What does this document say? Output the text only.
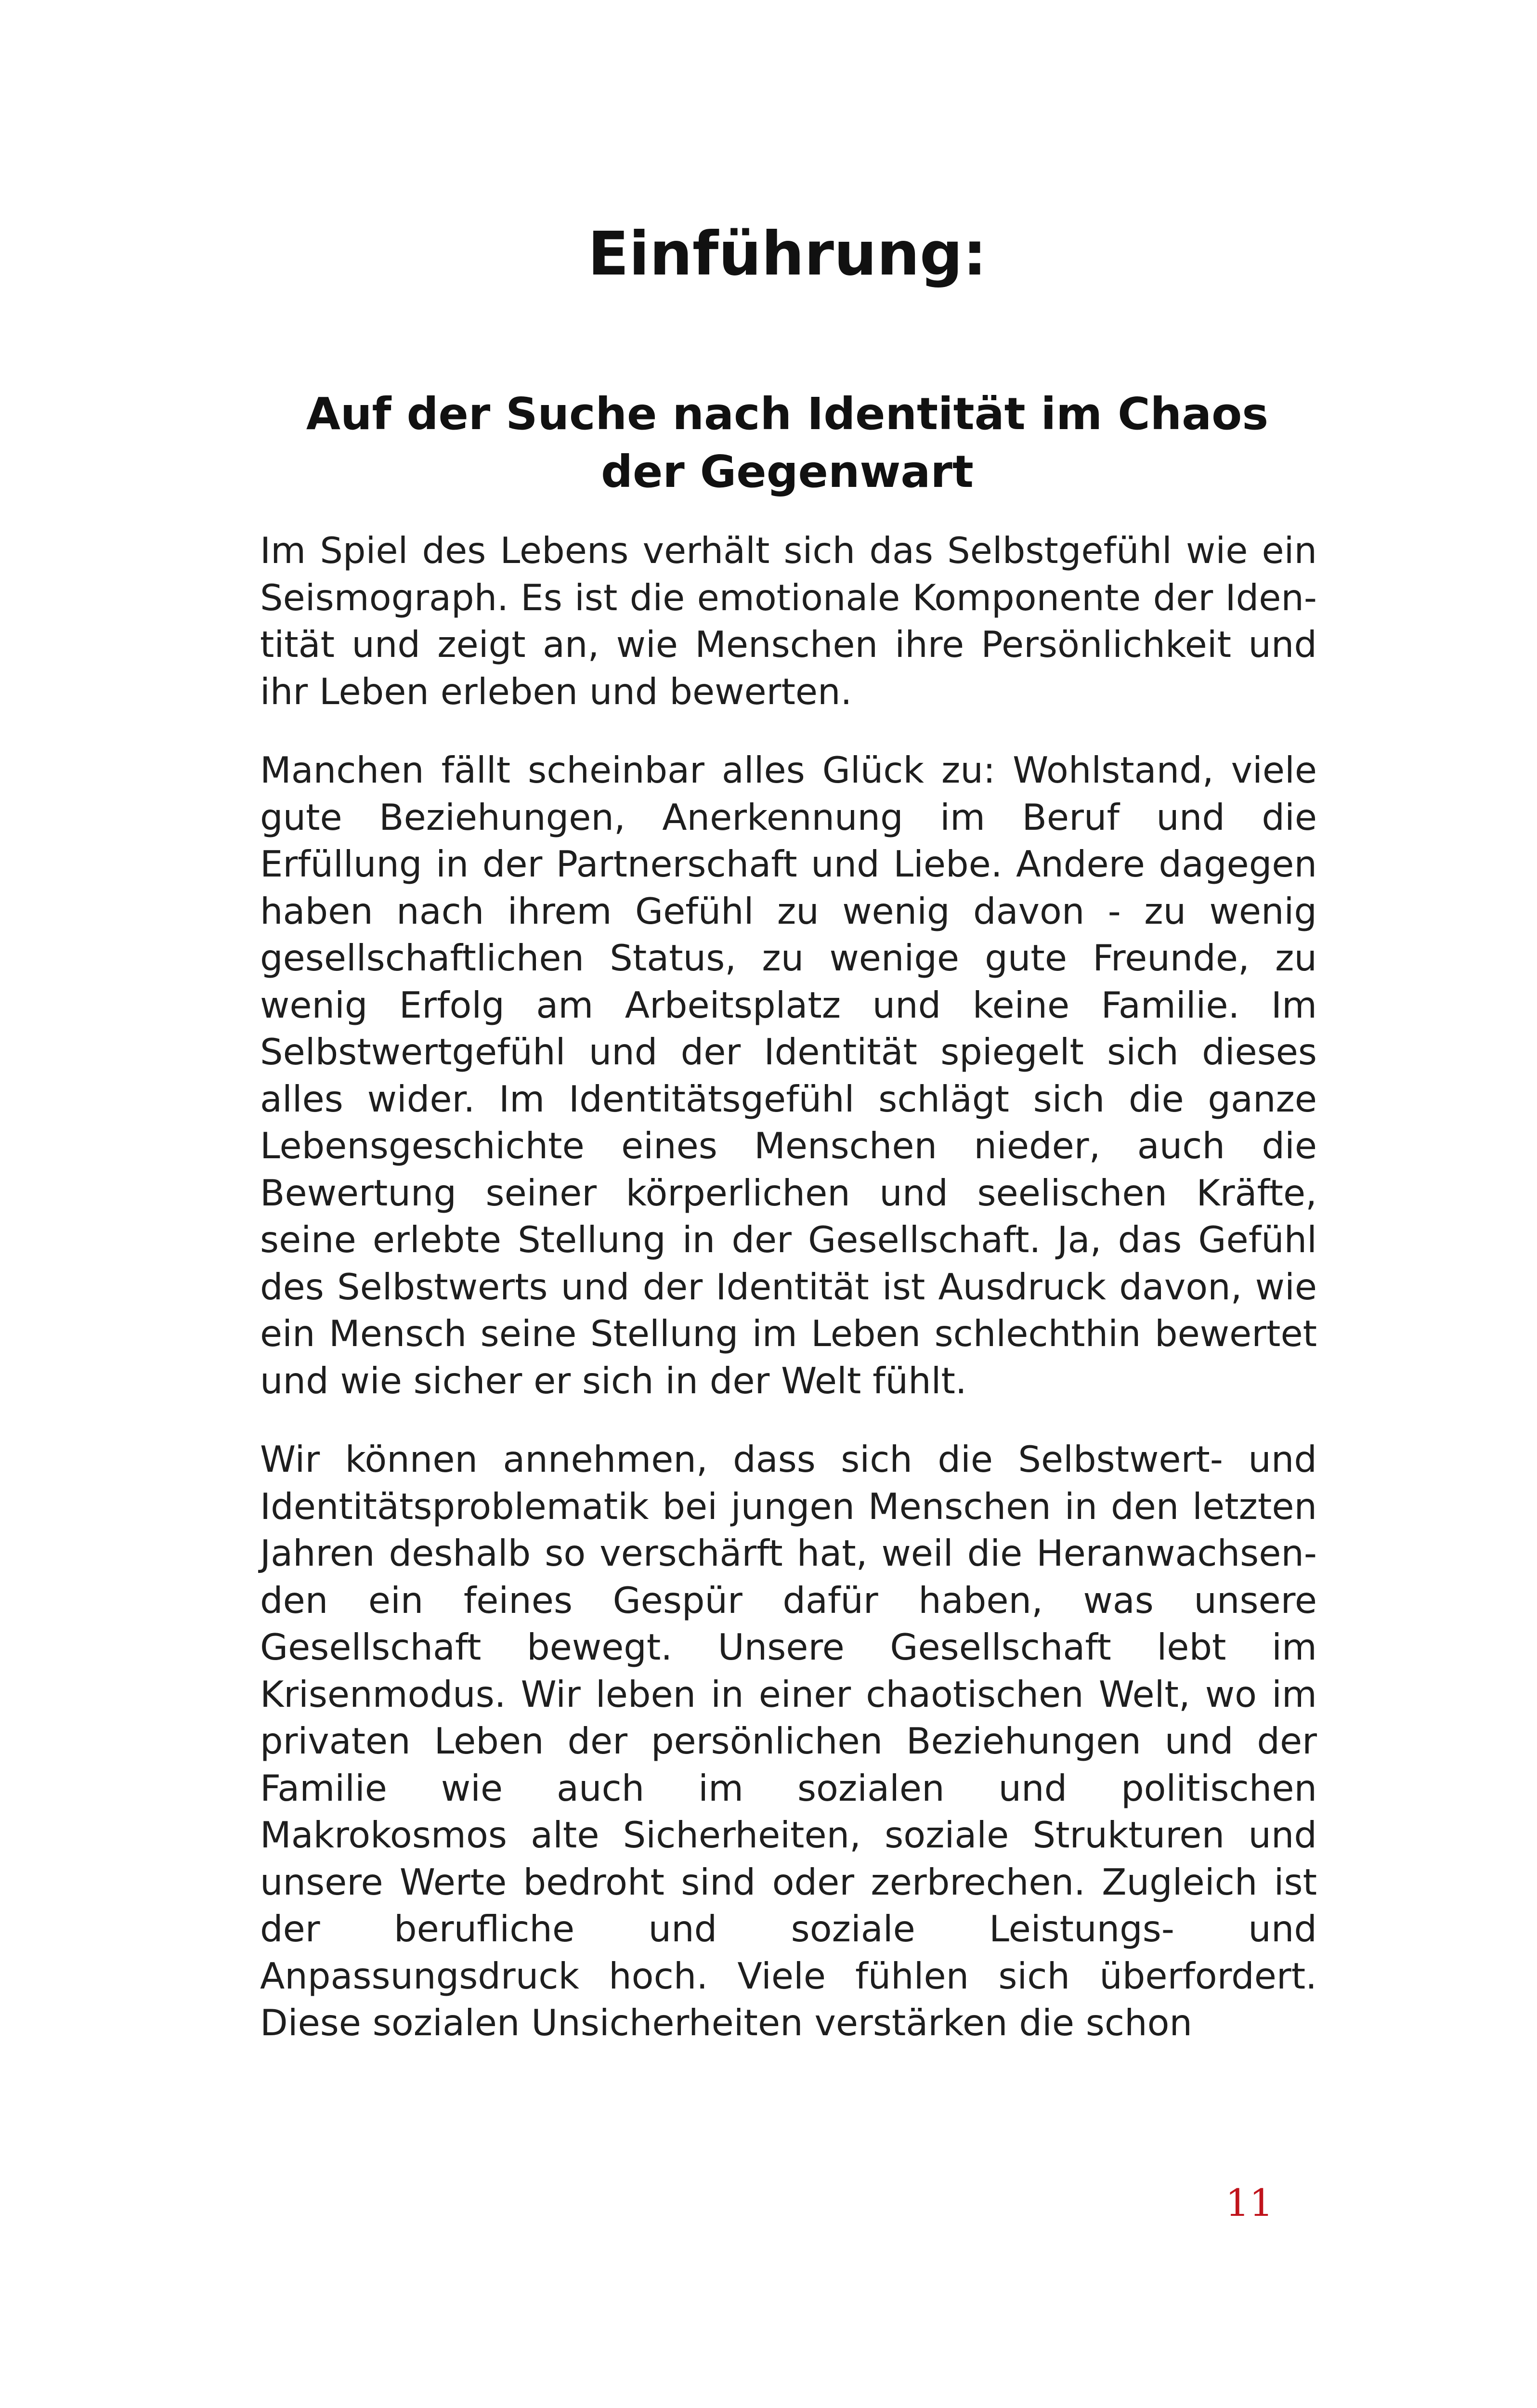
Einführung:
Auf der Suche nach Identität im Chaos der Gegenwart

Im Spiel des Lebens verhält sich das Selbstgefühl wie ein Seismograph. Es ist die emotionale Komponente der Identität und zeigt an, wie Menschen ihre Persönlichkeit und ihr Leben erleben und bewerten.

Manchen fällt scheinbar alles Glück zu: Wohlstand, viele gute Beziehungen, Anerkennung im Beruf und die Erfüllung in der Partnerschaft und Liebe. Andere dagegen haben nach ihrem Gefühl zu wenig davon - zu wenig gesellschaftlichen Status, zu wenige gute Freunde, zu wenig Erfolg am Arbeitsplatz und keine Familie. Im Selbstwertgefühl und der Identität spiegelt sich dieses alles wider. Im Identitätsgefühl schlägt sich die ganze Lebensgeschichte eines Menschen nieder, auch die Bewertung seiner körperlichen und seelischen Kräfte, seine erlebte Stellung in der Gesellschaft. Ja, das Gefühl des Selbstwerts und der Identität ist Ausdruck davon, wie ein Mensch seine Stellung im Leben schlechthin bewertet und wie sicher er sich in der Welt fühlt.

Wir können annehmen, dass sich die Selbstwert- und Identitätsproblematik bei jungen Menschen in den letzten Jahren deshalb so verschärft hat, weil die Heranwachsenden ein feines Gespür dafür haben, was unsere Gesellschaft bewegt. Unsere Gesellschaft lebt im Krisenmodus. Wir leben in einer chaotischen Welt, wo im privaten Leben der persönlichen Beziehungen und der Familie wie auch im sozialen und politischen Makrokosmos alte Sicherheiten, soziale Strukturen und unsere Werte bedroht sind oder zerbrechen. Zugleich ist der berufliche und soziale Leistungs- und Anpassungsdruck hoch. Viele fühlen sich überfordert. Diese sozialen Unsicherheiten verstärken die schon

11
